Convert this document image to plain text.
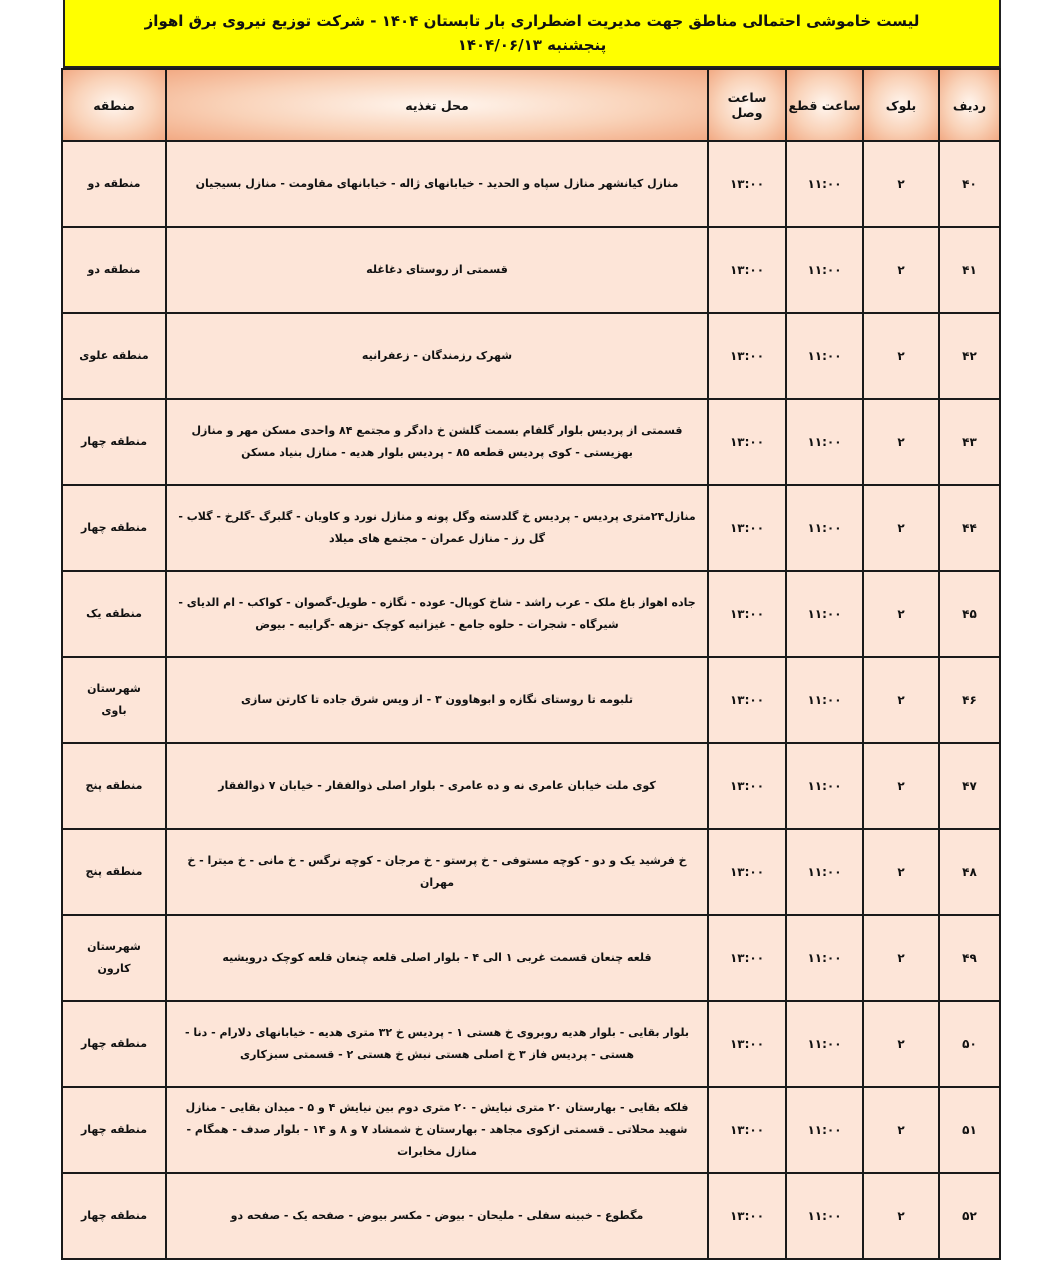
لیست خاموشی احتمالی مناطق جهت مدیریت اضطراری بار تابستان ۱۴۰۴ - شرکت توزیع نیروی برق اهواز
پنجشنبه ۱۴۰۴/۰۶/۱۳
ردیف	بلوک	ساعت قطع	ساعت وصل	محل تغذیه	منطقه
۴۰	۲	۱۱:۰۰	۱۳:۰۰	منازل کیانشهر منازل سپاه و الحدید - خیابانهای ژاله - خیابانهای مقاومت - منازل بسیجیان	منطقه دو
۴۱	۲	۱۱:۰۰	۱۳:۰۰	قسمتی از روستای دغاغله	منطقه دو
۴۲	۲	۱۱:۰۰	۱۳:۰۰	شهرک رزمندگان - زعفرانیه	منطقه علوی
۴۳	۲	۱۱:۰۰	۱۳:۰۰	قسمتی از پردیس بلوار گلفام بسمت گلشن خ دادگر و مجتمع ۸۴ واحدی مسکن مهر و منازل بهزیستی - کوی پردیس قطعه ۸۵ - پردیس بلوار هدیه - منازل بنیاد مسکن	منطقه چهار
۴۴	۲	۱۱:۰۰	۱۳:۰۰	منازل۲۴متری پردیس - پردیس خ گلدسته وگل پونه و منازل نورد و کاویان - گلبرگ -گلرخ - گلاب - گل رز - منازل عمران - مجتمع های میلاد	منطقه چهار
۴۵	۲	۱۱:۰۰	۱۳:۰۰	جاده اهواز باغ ملک - عرب راشد - شاخ کوپال- عوده - نگازه - طویل-گصوان - کواکب - ام الدیای - شیرگاه - شجرات - حلوه جامع - غیزانیه کوچک -نزهه -گراییه - بیوض	منطقه یک
۴۶	۲	۱۱:۰۰	۱۳:۰۰	تلبومه تا روستای نگازه و ابوهاوون ۳ - از ویس شرق جاده تا کارتن سازی	شهرستان باوی
۴۷	۲	۱۱:۰۰	۱۳:۰۰	کوی ملت خیابان عامری نه و ده عامری - بلوار اصلی ذوالفقار - خیابان ۷ ذوالفقار	منطقه پنج
۴۸	۲	۱۱:۰۰	۱۳:۰۰	خ فرشید یک و دو - کوچه مستوفی - خ پرستو - خ مرجان - کوچه نرگس - خ مانی - خ میترا - خ مهران	منطقه پنج
۴۹	۲	۱۱:۰۰	۱۳:۰۰	قلعه چنعان قسمت غربی ۱ الی ۴ - بلوار اصلی قلعه چنعان قلعه کوچک درویشیه	شهرستان کارون
۵۰	۲	۱۱:۰۰	۱۳:۰۰	بلوار بقایی - بلوار هدیه روبروی خ هستی ۱ - پردیس خ ۳۲ متری هدیه - خیابانهای دلارام - دنا - هستی - پردیس فاز ۳ خ اصلی هستی نبش خ هستی ۲ - قسمتی سبزکاری	منطقه چهار
۵۱	۲	۱۱:۰۰	۱۳:۰۰	فلکه بقایی - بهارستان ۲۰ متری نیایش - ۲۰ متری دوم بین نیایش ۴ و ۵ - میدان بقایی - منازل شهید محلاتی ـ قسمتی ازکوی مجاهد - بهارستان خ شمشاد ۷ و ۸ و ۱۴ - بلوار صدف - همگام - منازل مخابرات	منطقه چهار
۵۲	۲	۱۱:۰۰	۱۳:۰۰	مگطوع - خبینه سفلی - ملیحان - بیوض - مکسر بیوض - صفحه یک - صفحه دو	منطقه چهار
